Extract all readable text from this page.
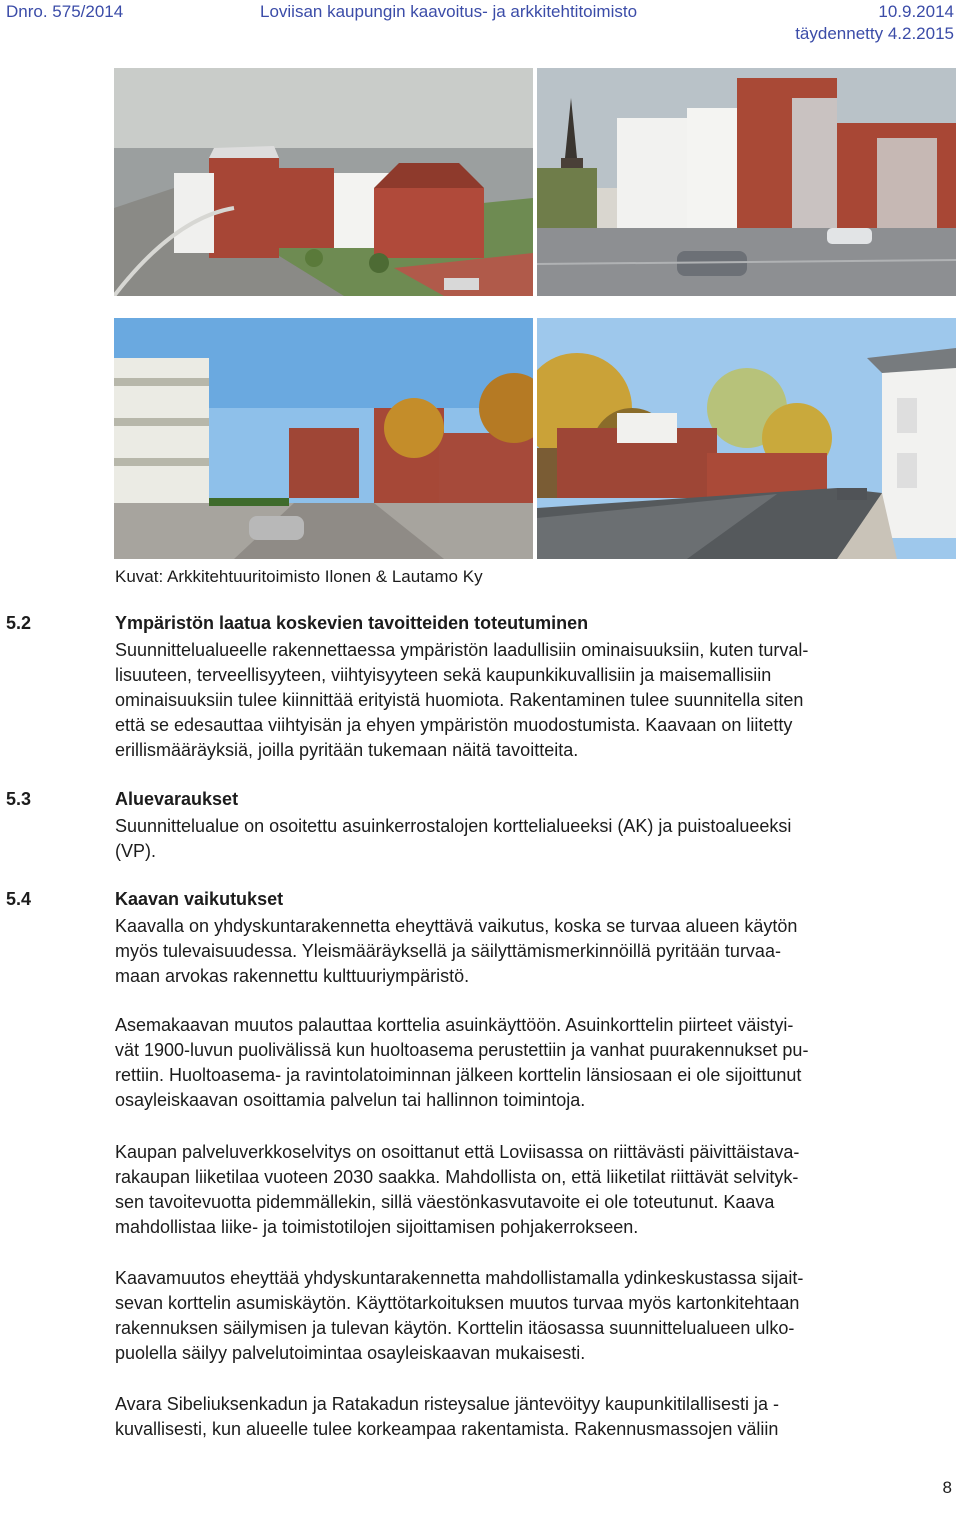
Dnro. 575/2014	Loviisan kaupungin kaavoitus- ja arkkitehtitoimisto	10.9.2014
täydennetty 4.2.2015
Kuvat: Arkkitehtuuritoimisto Ilonen & Lautamo Ky
5.2	Ympäristön laatua koskevien tavoitteiden toteutuminen

Suunnittelualueelle rakennettaessa ympäristön laadullisiin ominaisuuksiin, kuten turval-
lisuuteen, terveellisyyteen, viihtyisyyteen sekä kaupunkikuvallisiin ja maisemallisiin
ominaisuuksiin tulee kiinnittää erityistä huomiota. Rakentaminen tulee suunnitella siten
että se edesauttaa viihtyisän ja ehyen ympäristön muodostumista. Kaavaan on liitetty
erillismääräyksiä, joilla pyritään tukemaan näitä tavoitteita.

5.3	Aluevaraukset

Suunnittelualue on osoitettu asuinkerrostalojen korttelialueeksi (AK) ja puistoalueeksi
(VP).

5.4	Kaavan vaikutukset

Kaavalla on yhdyskuntarakennetta eheyttävä vaikutus, koska se turvaa alueen käytön
myös tulevaisuudessa. Yleismääräyksellä ja säilyttämismerkinnöillä pyritään turvaa-
maan arvokas rakennettu kulttuuriympäristö.

Asemakaavan muutos palauttaa korttelia asuinkäyttöön. Asuinkorttelin piirteet väistyi-
vät 1900-luvun puolivälissä kun huoltoasema perustettiin ja vanhat puurakennukset pu-
rettiin. Huoltoasema- ja ravintolatoiminnan jälkeen korttelin länsiosaan ei ole sijoittunut
osayleiskaavan osoittamia palvelun tai hallinnon toimintoja.

Kaupan palveluverkkoselvitys on osoittanut että Loviisassa on riittävästi päivittäistava-
rakaupan liiketilaa vuoteen 2030 saakka. Mahdollista on, että liiketilat riittävät selvityk-
sen tavoitevuotta pidemmällekin, sillä väestönkasvutavoite ei ole toteutunut. Kaava
mahdollistaa liike- ja toimistotilojen sijoittamisen pohjakerrokseen.

Kaavamuutos eheyttää yhdyskuntarakennetta mahdollistamalla ydinkeskustassa sijait-
sevan korttelin asumiskäytön. Käyttötarkoituksen muutos turvaa myös kartonkitehtaan
rakennuksen säilymisen ja tulevan käytön. Korttelin itäosassa suunnittelualueen ulko-
puolella säilyy palvelutoimintaa osayleiskaavan mukaisesti.

Avara Sibeliuksenkadun ja Ratakadun risteysalue jäntevöityy kaupunkitilallisesti ja -
kuvallisesti, kun alueelle tulee korkeampaa rakentamista. Rakennusmassojen väliin

8
